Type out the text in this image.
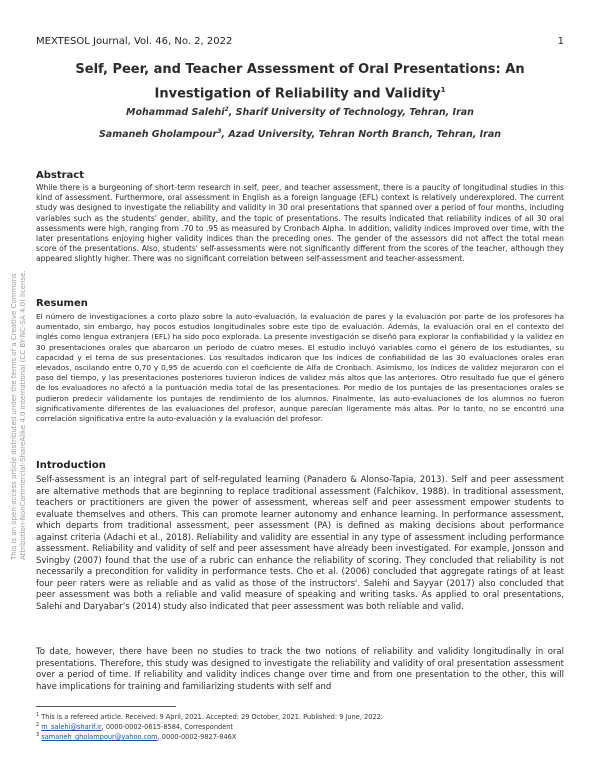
MEXTESOL Journal, Vol. 46, No. 2, 2022	1
This is an open-access article distributed under the terms of a Creative Commons Attribution-NonCommercial-ShareAlike 4.0 International (CC BY-NC-SA 4.0) license.
Self, Peer, and Teacher Assessment of Oral Presentations: An Investigation of Reliability and Validity$^1$
Mohammad Salehi$^2$, Sharif University of Technology, Tehran, Iran
Samaneh Gholampour$^3$, Azad University, Tehran North Branch, Tehran, Iran
Abstract
While there is a burgeoning of short-term research in self, peer, and teacher assessment, there is a paucity of longitudinal studies in this kind of assessment. Furthermore, oral assessment in English as a foreign language (EFL) context is relatively underexplored. The current study was designed to investigate the reliability and validity in 30 oral presentations that spanned over a period of four months, including variables such as the students' gender, ability, and the topic of presentations. The results indicated that reliability indices of all 30 oral assessments were high, ranging from .70 to .95 as measured by Cronbach Alpha. In addition, validity indices improved over time, with the later presentations enjoying higher validity indices than the preceding ones. The gender of the assessors did not affect the total mean score of the presentations. Also, students' self-assessments were not significantly different from the scores of the teacher, although they appeared slightly higher. There was no significant correlation between self-assessment and teacher-assessment.
Resumen
El número de investigaciones a corto plazo sobre la auto-evaluación, la evaluación de pares y la evaluación por parte de los profesores ha aumentado, sin embargo, hay pocos estudios longitudinales sobre este tipo de evaluación. Además, la evaluación oral en el contexto del inglés como lengua extranjera (EFL) ha sido poco explorada. La presente investigación se diseñó para explorar la confiabilidad y la validez en 30 presentaciones orales que abarcaron un periodo de cuatro meses. El estudio incluyó variables como el género de los estudiantes, su capacidad y el tema de sus presentaciones. Los resultados indicaron que los índices de confiabilidad de las 30 evaluaciones orales eran elevados, oscilando entre 0,70 y 0,95 de acuerdo con el coeficiente de Alfa de Cronbach. Asimismo, los índices de validez mejoraron con el paso del tiempo, y las presentaciones posteriores tuvieron índices de validez más altos que las anteriores. Otro resultado fue que el género de los evaluadores no afectó a la puntuación media total de las presentaciones. Por medio de los puntajes de las presentaciones orales se pudieron predecir válidamente los puntajes de rendimiento de los alumnos. Finalmente, las auto-evaluaciones de los alumnos no fueron significativamente diferentes de las evaluaciones del profesor, aunque parecían ligeramente más altas. Por lo tanto, no se encontró una correlación significativa entre la auto-evaluación y la evaluación del profesor.
Introduction
Self-assessment is an integral part of self-regulated learning (Panadero & Alonso-Tapia, 2013). Self and peer assessment are alternative methods that are beginning to replace traditional assessment (Falchikov, 1988). In traditional assessment, teachers or practitioners are given the power of assessment, whereas self and peer assessment empower students to evaluate themselves and others. This can promote learner autonomy and enhance learning. In performance assessment, which departs from traditional assessment, peer assessment (PA) is defined as making decisions about performance against criteria (Adachi et al., 2018). Reliability and validity are essential in any type of assessment including performance assessment. Reliability and validity of self and peer assessment have already been investigated. For example, Jonsson and Svingby (2007) found that the use of a rubric can enhance the reliability of scoring. They concluded that reliability is not necessarily a precondition for validity in performance tests. Cho et al. (2006) concluded that aggregate ratings of at least four peer raters were as reliable and as valid as those of the instructors'. Salehi and Sayyar (2017) also concluded that peer assessment was both a reliable and valid measure of speaking and writing tasks. As applied to oral presentations, Salehi and Daryabar's (2014) study also indicated that peer assessment was both reliable and valid.
To date, however, there have been no studies to track the two notions of reliability and validity longitudinally in oral presentations. Therefore, this study was designed to investigate the reliability and validity of oral presentation assessment over a period of time. If reliability and validity indices change over time and from one presentation to the other, this will have implications for training and familiarizing students with self and
$^1$ This is a refereed article. Received: 9 April, 2021. Accepted: 29 October, 2021. Published: 9 June, 2022.
$^2$ m_salehi@sharif.ir, 0000-0002-0615-8584, Correspondent
$^3$ samaneh_gholampour@yahoo.com, 0000-0002-9827-846X
